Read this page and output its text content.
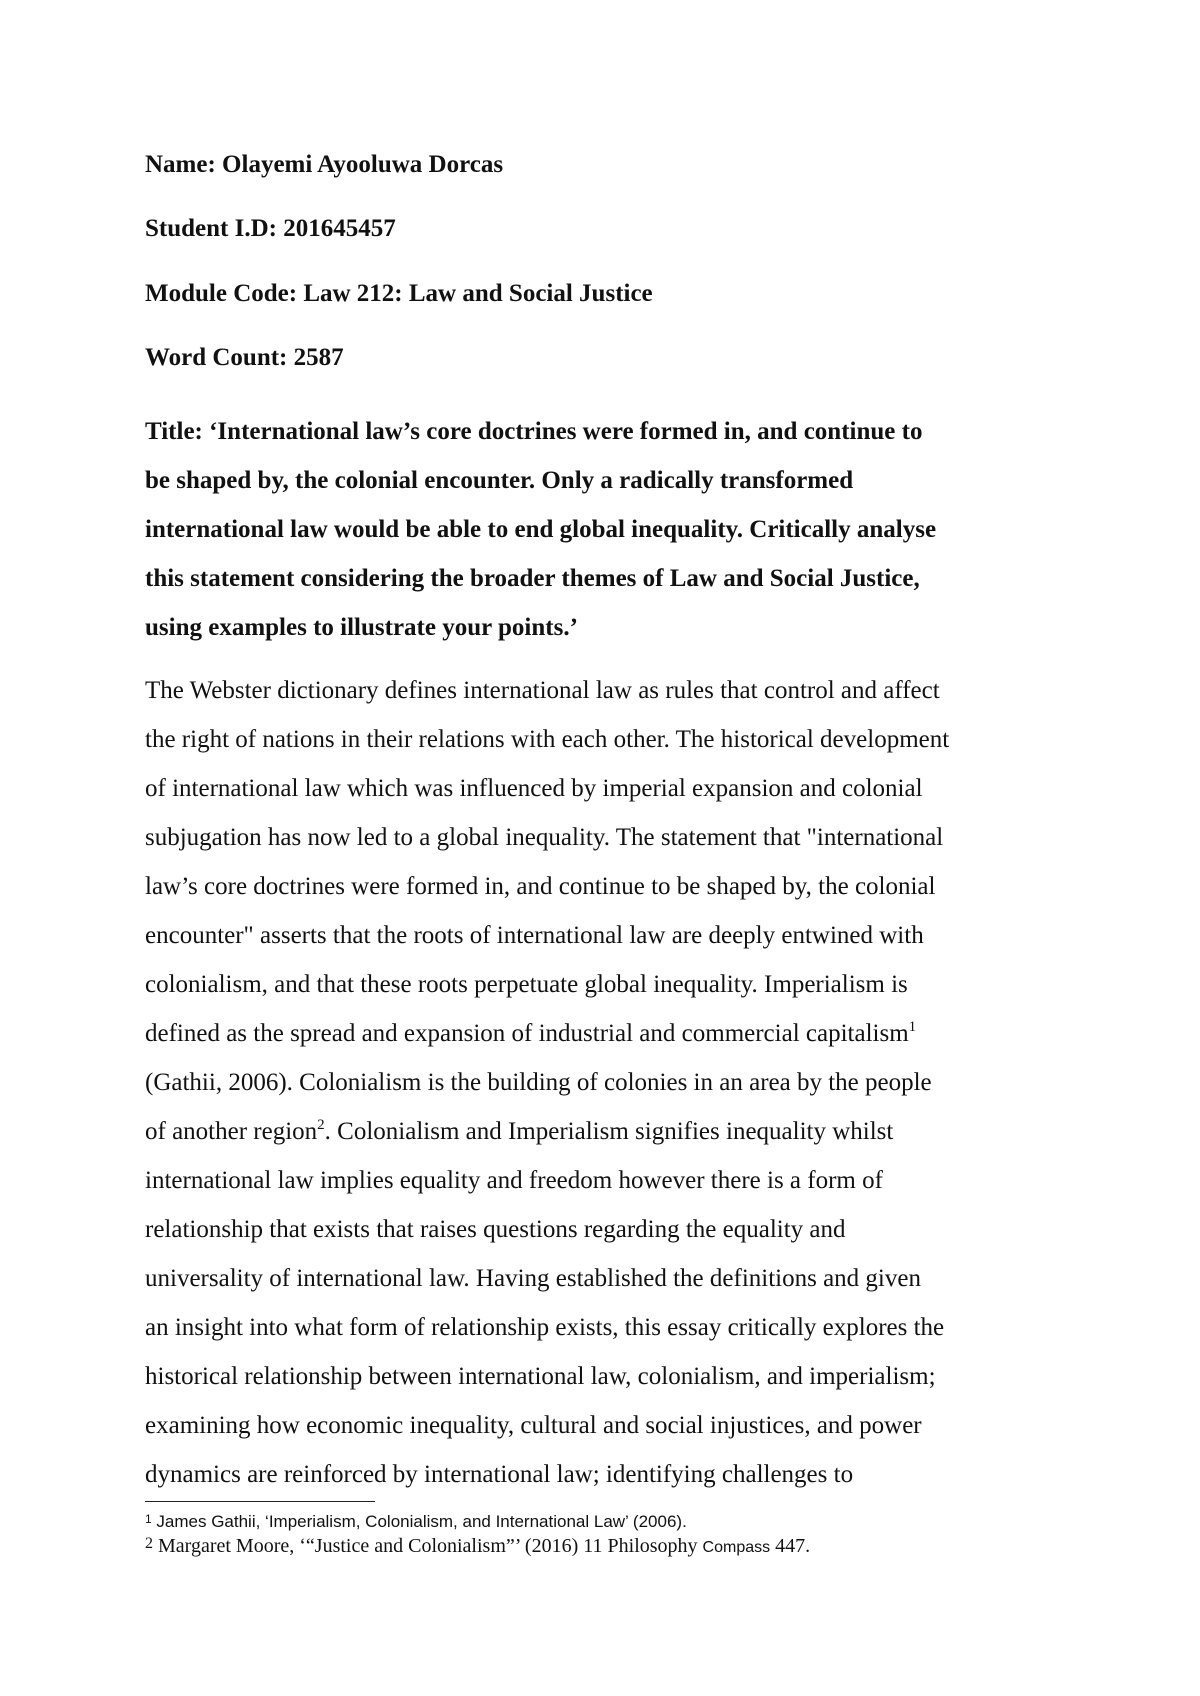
Name: Olayemi Ayooluwa Dorcas
Student I.D: 201645457
Module Code: Law 212: Law and Social Justice
Word Count: 2587
Title: ‘International law’s core doctrines were formed in, and continue to
be shaped by, the colonial encounter. Only a radically transformed
international law would be able to end global inequality. Critically analyse
this statement considering the broader themes of Law and Social Justice,
using examples to illustrate your points.’
The Webster dictionary defines international law as rules that control and affect
the right of nations in their relations with each other. The historical development
of international law which was influenced by imperial expansion and colonial
subjugation has now led to a global inequality. The statement that "international
law’s core doctrines were formed in, and continue to be shaped by, the colonial
encounter" asserts that the roots of international law are deeply entwined with
colonialism, and that these roots perpetuate global inequality. Imperialism is
defined as the spread and expansion of industrial and commercial capitalism$^1$
(Gathii, 2006). Colonialism is the building of colonies in an area by the people
of another region$^2$. Colonialism and Imperialism signifies inequality whilst
international law implies equality and freedom however there is a form of
relationship that exists that raises questions regarding the equality and
universality of international law. Having established the definitions and given
an insight into what form of relationship exists, this essay critically explores the
historical relationship between international law, colonialism, and imperialism;
examining how economic inequality, cultural and social injustices, and power
dynamics are reinforced by international law; identifying challenges to
$^1$ James Gathii, ‘Imperialism, Colonialism, and International Law’ (2006).
$^2$ Margaret Moore, ‘“Justice and Colonialism”’ (2016) 11 Philosophy Compass 447.
